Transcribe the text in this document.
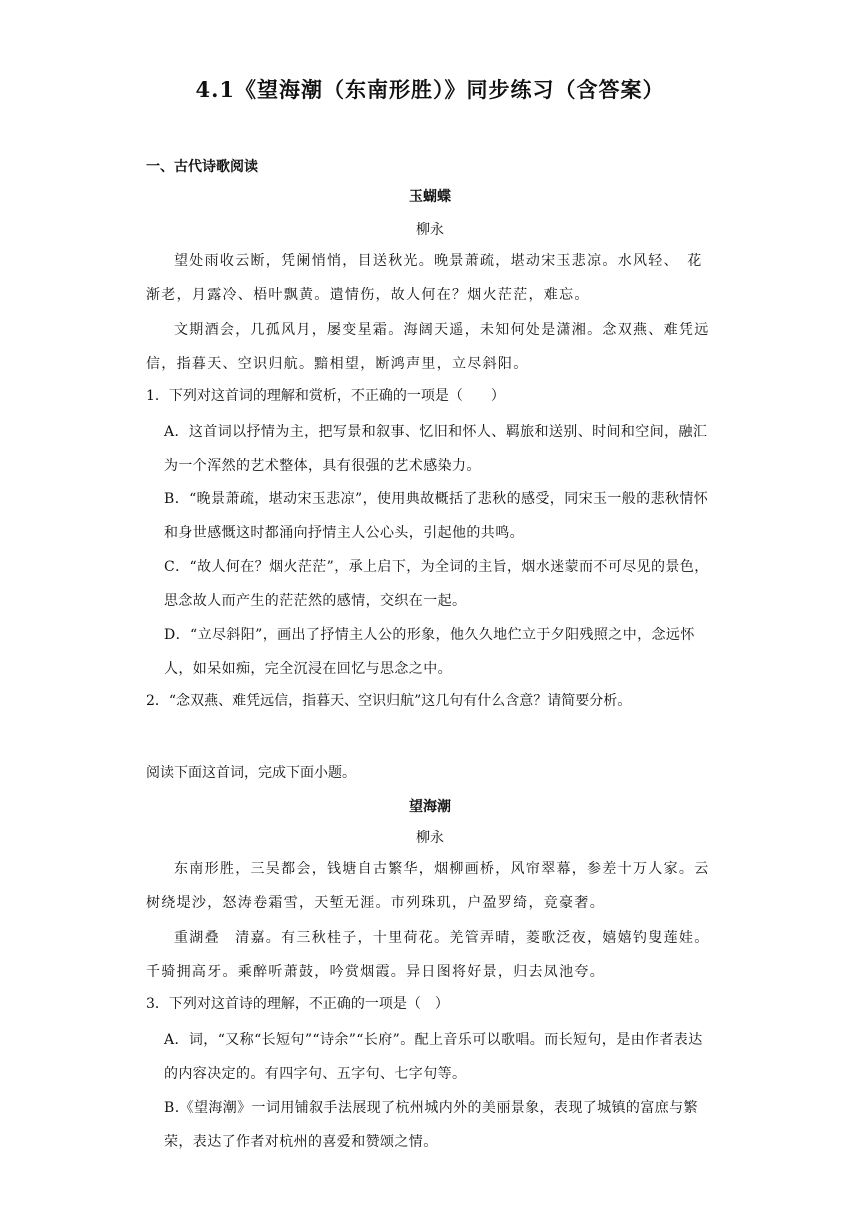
4.1《望海潮（东南形胜）》同步练习（含答案）
一、古代诗歌阅读
玉蝴蝶
柳永
望处雨收云断，凭阑悄悄，目送秋光。晚景萧疏，堪动宋玉悲凉。水风轻、　花渐老，月露冷、梧叶飘黄。遣情伤，故人何在？烟火茫茫，难忘。
文期酒会，几孤风月，屡变星霜。海阔天遥，未知何处是潇湘。念双燕、难凭远信，指暮天、空识归航。黯相望，断鸿声里，立尽斜阳。
1．下列对这首词的理解和赏析，不正确的一项是（　　）
A．这首词以抒情为主，把写景和叙事、忆旧和怀人、羁旅和送别、时间和空间，融汇为一个浑然的艺术整体，具有很强的艺术感染力。
B．“晚景萧疏，堪动宋玉悲凉”，使用典故概括了悲秋的感受，同宋玉一般的悲秋情怀和身世感慨这时都涌向抒情主人公心头，引起他的共鸣。
C．“故人何在？烟火茫茫”，承上启下，为全词的主旨，烟水迷蒙而不可尽见的景色，思念故人而产生的茫茫然的感情，交织在一起。
D．“立尽斜阳”，画出了抒情主人公的形象，他久久地伫立于夕阳残照之中，念远怀人，如呆如痴，完全沉浸在回忆与思念之中。
2．“念双燕、难凭远信，指暮天、空识归航”这几句有什么含意？请简要分析。
阅读下面这首词，完成下面小题。
望海潮
柳永
东南形胜，三吴都会，钱塘自古繁华，烟柳画桥，风帘翠幕，参差十万人家。云树绕堤沙，怒涛卷霜雪，天堑无涯。市列珠玑，户盈罗绮，竞豪奢。
重湖叠　清嘉。有三秋桂子，十里荷花。羌管弄晴，菱歌泛夜，嬉嬉钓叟莲娃。千骑拥高牙。乘醉听萧鼓，吟赏烟霞。异日图将好景，归去凤池夸。
3．下列对这首诗的理解，不正确的一项是（　）
A．词，“又称“长短句”“诗余”“长府”。配上音乐可以歌唱。而长短句，是由作者表达的内容决定的。有四字句、五字句、七字句等。
B.《望海潮》一词用铺叙手法展现了杭州城内外的美丽景象，表现了城镇的富庶与繁荣，表达了作者对杭州的喜爱和赞颂之情。
